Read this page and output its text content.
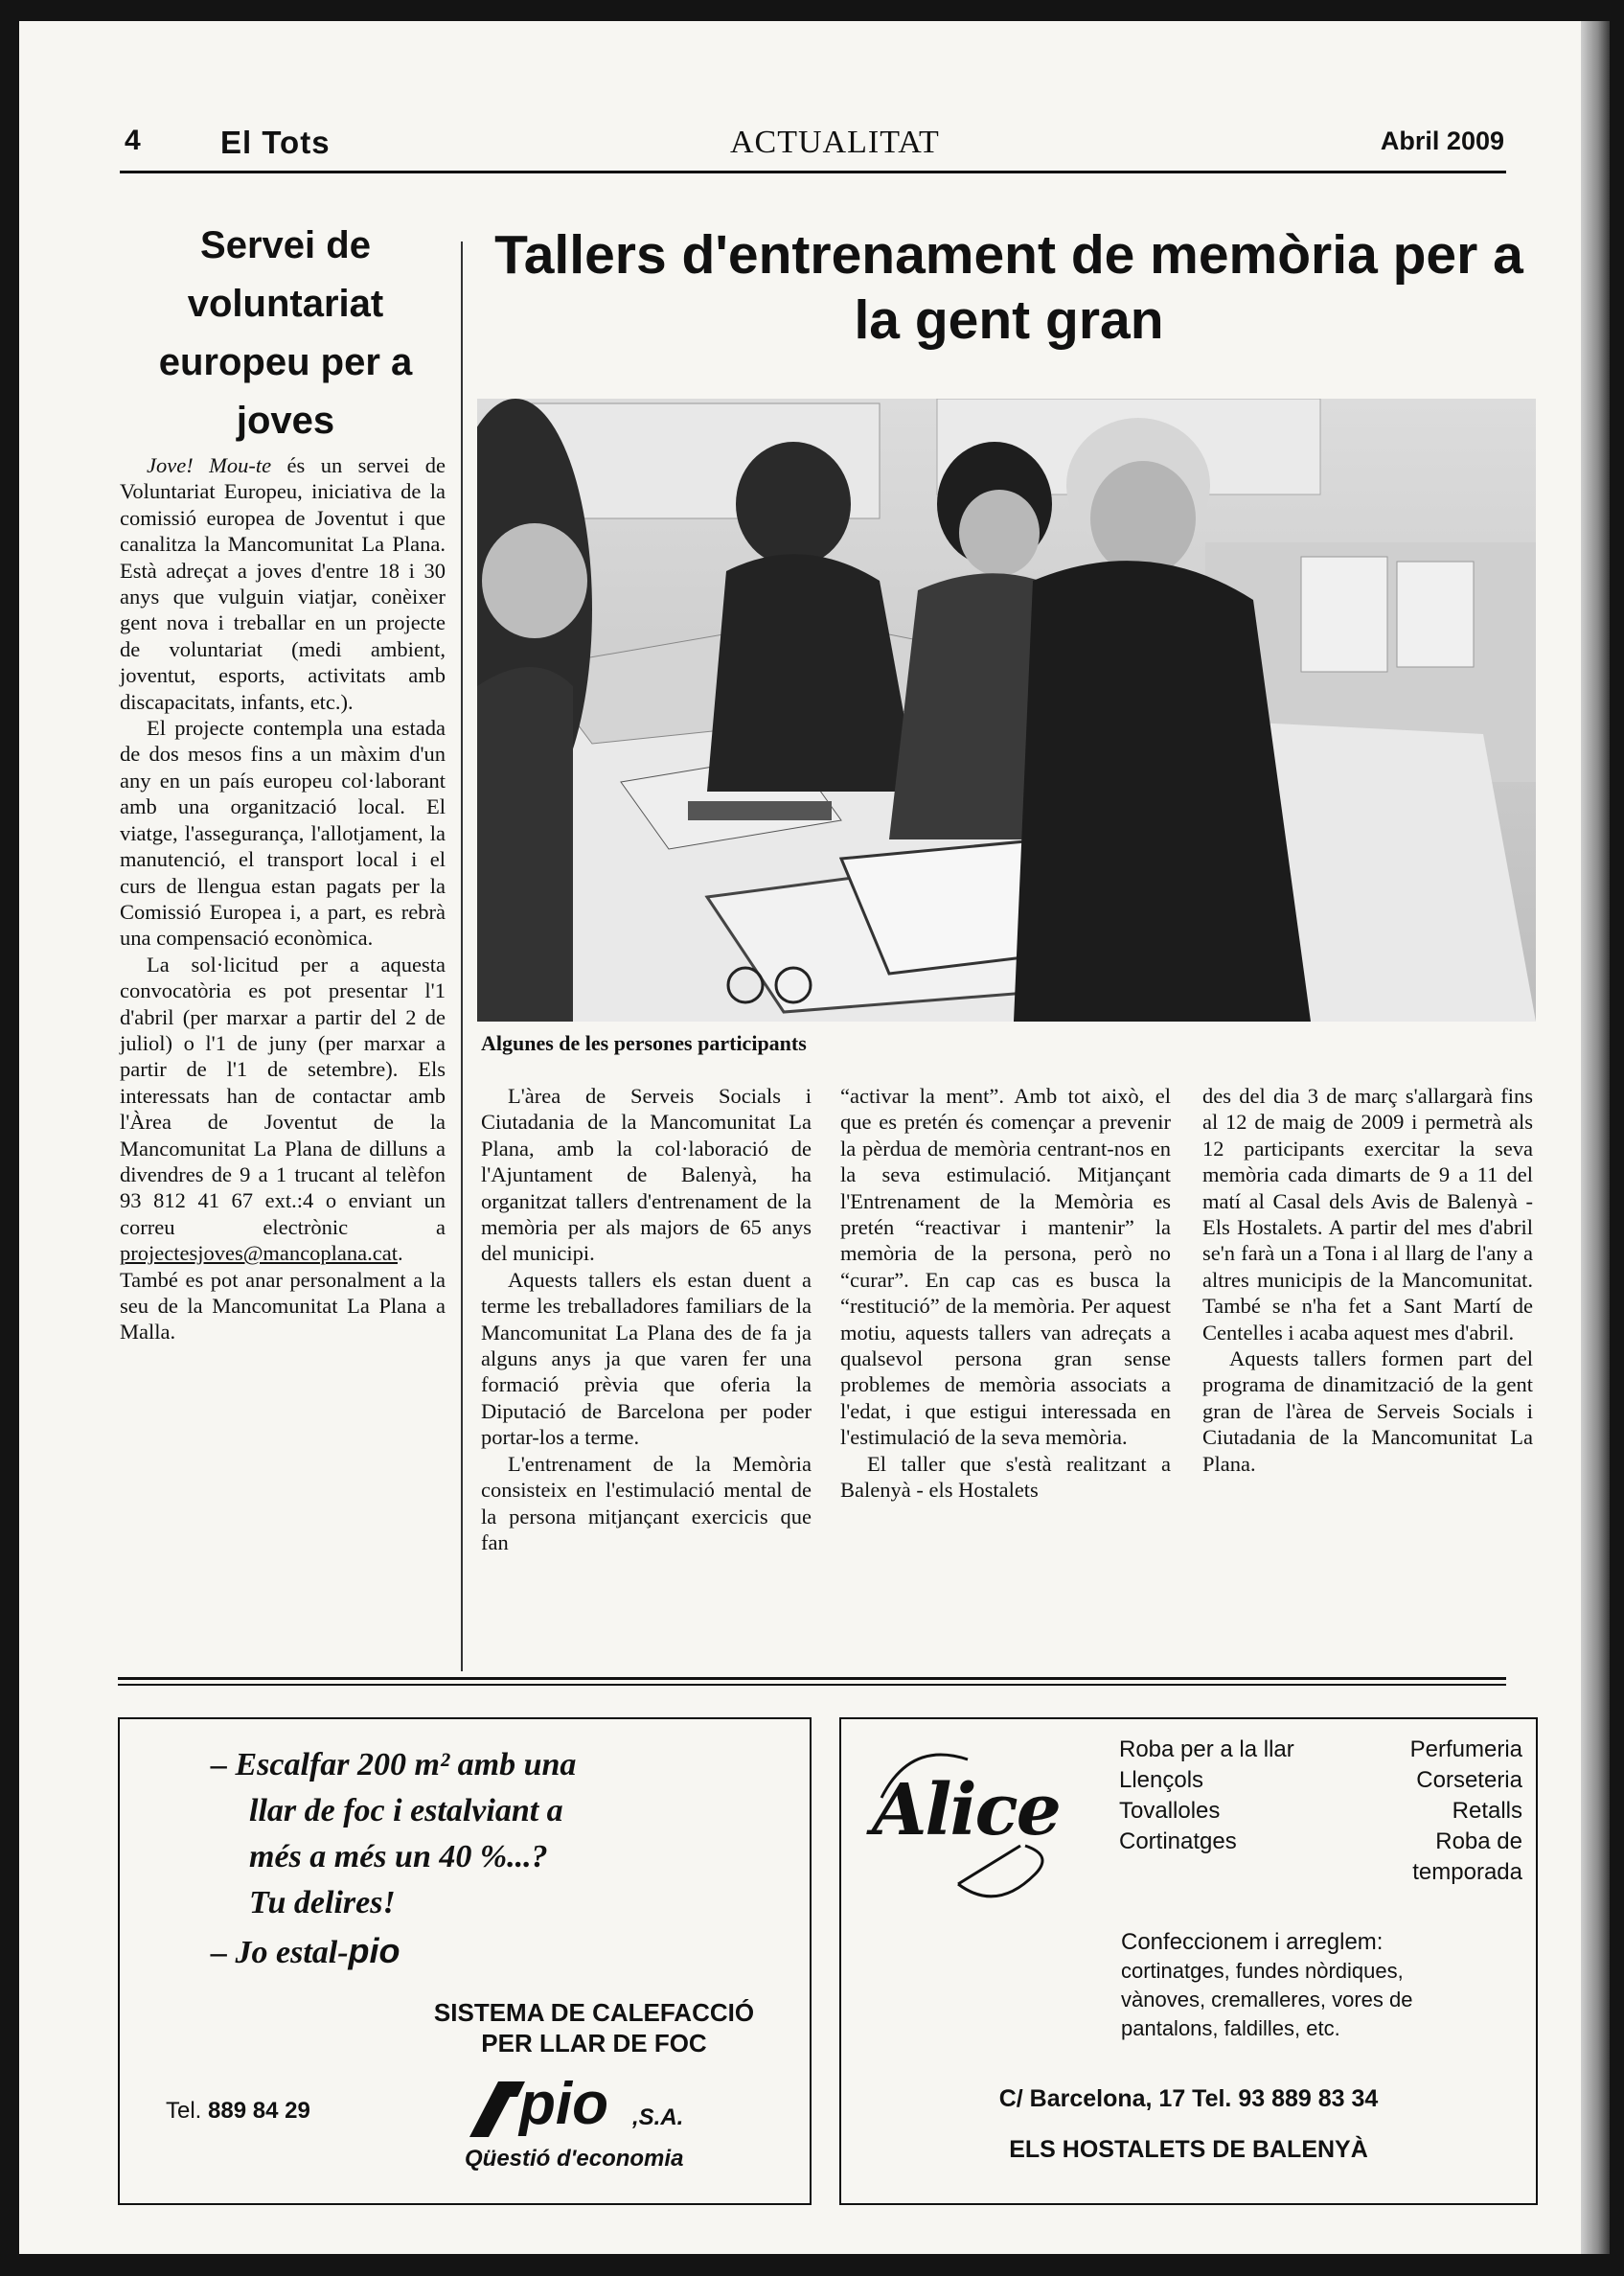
4	El Tots	ACTUALITAT	Abril 2009
Servei de voluntariat europeu per a joves

Jove! Mou-te és un servei de Voluntariat Europeu, iniciativa de la comissió europea de Joventut i que canalitza la Mancomunitat La Plana. Està adreçat a joves d'entre 18 i 30 anys que vulguin viatjar, conèixer gent nova i treballar en un projecte de voluntariat (medi ambient, joventut, esports, activitats amb discapacitats, infants, etc.).

El projecte contempla una estada de dos mesos fins a un màxim d'un any en un país europeu col·laborant amb una organització local. El viatge, l'assegurança, l'allotjament, la manutenció, el transport local i el curs de llengua estan pagats per la Comissió Europea i, a part, es rebrà una compensació econòmica.

La sol·licitud per a aquesta convocatòria es pot presentar l'1 d'abril (per marxar a partir del 2 de juliol) o l'1 de juny (per marxar a partir de l'1 de setembre). Els interessats han de contactar amb l'Àrea de Joventut de la Mancomunitat La Plana de dilluns a divendres de 9 a 1 trucant al telèfon 93 812 41 67 ext.:4 o enviant un correu electrònic a projectesjoves@mancoplana.cat. També es pot anar personalment a la seu de la Mancomunitat La Plana a Malla.

Tallers d'entrenament de memòria per a la gent gran
Algunes de les persones participants

L'àrea de Serveis Socials i Ciutadania de la Mancomunitat La Plana, amb la col·laboració de l'Ajuntament de Balenyà, ha organitzat tallers d'entrenament de la memòria per als majors de 65 anys del municipi.

Aquests tallers els estan duent a terme les treballadores familiars de la Mancomunitat La Plana des de fa ja alguns anys ja que varen fer una formació prèvia que oferia la Diputació de Barcelona per poder portar-los a terme.

L'entrenament de la Memòria consisteix en l'estimulació mental de la persona mitjançant exercicis que fan

“activar la ment”. Amb tot això, el que es pretén és començar a prevenir la pèrdua de memòria centrant-nos en la seva estimulació. Mitjançant l'Entrenament de la Memòria es pretén “reactivar i mantenir” la memòria de la persona, però no “curar”. En cap cas es busca la “restitució” de la memòria. Per aquest motiu, aquests tallers van adreçats a qualsevol persona gran sense problemes de memòria associats a l'edat, i que estigui interessada en l'estimulació de la seva memòria.

El taller que s'està realitzant a Balenyà - els Hostalets

des del dia 3 de març s'allargarà fins al 12 de maig de 2009 i permetrà als 12 participants exercitar la seva memòria cada dimarts de 9 a 11 del matí al Casal dels Avis de Balenyà - Els Hostalets. A partir del mes d'abril se'n farà un a Tona i al llarg de l'any a altres municipis de la Mancomunitat. També se n'ha fet a Sant Martí de Centelles i acaba aquest mes d'abril.

Aquests tallers formen part del programa de dinamització de la gent gran de l'àrea de Serveis Socials i Ciutadania de la Mancomunitat La Plana.

– Escalfar 200 m² amb una
llar de foc i estalviant a
més a més un 40 %...?
Tu delires!
– Jo estal-pio
SISTEMA DE CALEFACCIÓ
PER LLAR DE FOC
Tel. 889 84 29	pio ,S.A.
Qüestió d'economia
Alice
Roba per a la llar
Llençols
Tovalloles
Cortinatges
Perfumeria
Corseteria
Retalls
Roba de
temporada
Confeccionem i arreglem:
cortinatges, fundes nòrdiques,
vànoves, cremalleres, vores de
pantalons, faldilles, etc.
C/ Barcelona, 17 Tel. 93 889 83 34
ELS HOSTALETS DE BALENYÀ
